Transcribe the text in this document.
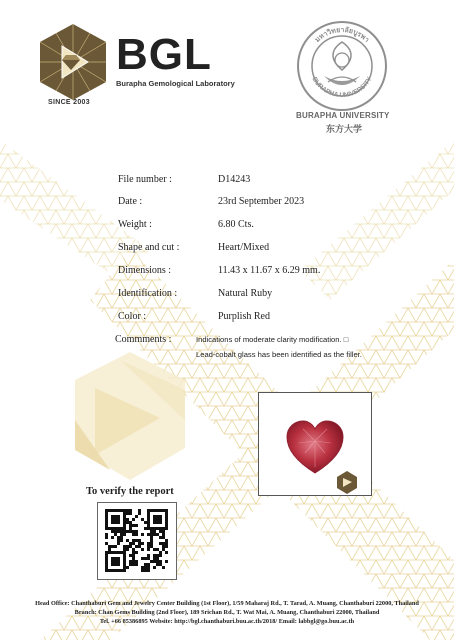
BGL
Burapha Gemological Laboratory
SINCE 2003
มหาวิทยาลัยบูรพา
BURAPHA UNIVERSITY
BURAPHA UNIVERSITY
东方大学
File number :	D14243
Date :	23rd September 2023
Weight :	6.80 Cts.
Shape and cut :	Heart/Mixed
Dimensions :	11.43 x 11.67 x 6.29 mm.
Identification :	Natural Ruby
Color :	Purplish Red
Commments :	Indications of moderate clarity modification. □
Lead-cobalt glass has been identified as the filler.
To verify the report
Head Office: Chanthaburi Gem and Jewelry Center Building (1st Floor), 1/59 Maharaj Rd., T. Tarad, A. Muang, Chanthaburi 22000, Thailand
Branch: Chan Gems Building (2nd Floor), 189 Srichan Rd., T. Wat Mai, A. Muang, Chanthaburi 22000, Thailand
Tel. +66 85386895 Website: http://bgl.chanthaburi.buu.ac.th/2018/ Email: labbgl@go.buu.ac.th
